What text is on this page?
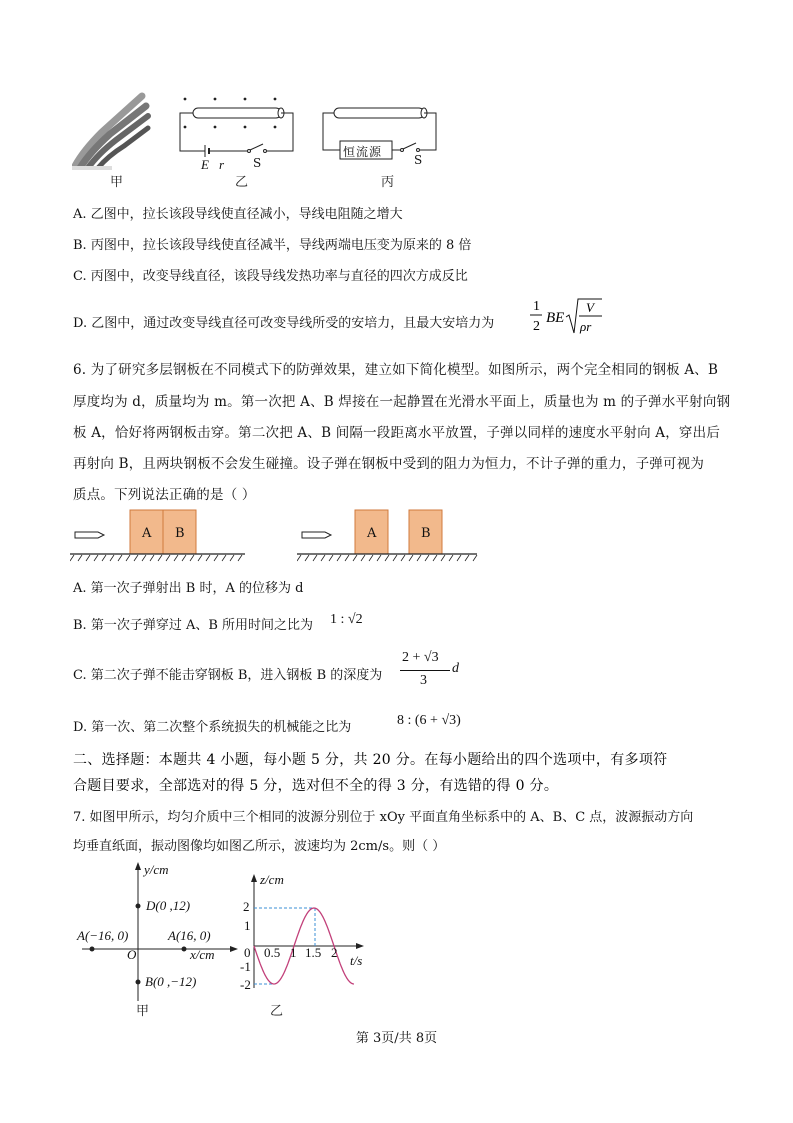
甲
E r S
乙
恒流源
S
丙
A. 乙图中，拉长该段导线使直径减小，导线电阻随之增大
B. 丙图中，拉长该段导线使直径减半，导线两端电压变为原来的 8 倍
C. 丙图中，改变导线直径，该段导线发热功率与直径的四次方成反比
D. 乙图中，通过改变导线直径可改变导线所受的安培力，且最大安培力为
1
2
BE
V
ρr
6. 为了研究多层钢板在不同模式下的防弹效果，建立如下简化模型。如图所示，两个完全相同的钢板 A、B
厚度均为 d，质量均为 m。第一次把 A、B 焊接在一起静置在光滑水平面上，质量也为 m 的子弹水平射向钢
板 A，恰好将两钢板击穿。第二次把 A、B 间隔一段距离水平放置，子弹以同样的速度水平射向 A，穿出后
再射向 B，且两块钢板不会发生碰撞。设子弹在钢板中受到的阻力为恒力，不计子弹的重力，子弹可视为
质点。下列说法正确的是（ ）
A B	A	B
A. 第一次子弹射出 B 时，A 的位移为 d
B. 第一次子弹穿过 A、B 所用时间之比为 1 : √2
C. 第二次子弹不能击穿钢板 B，进入钢板 B 的深度为
2 + √3
3
d
D. 第一次、第二次整个系统损失的机械能之比为	8 : (6 + √3)
二、选择题：本题共 4 小题，每小题 5 分，共 20 分。在每小题给出的四个选项中，有多项符
合题目要求，全部选对的得 5 分，选对但不全的得 3 分，有选错的得 0 分。
7. 如图甲所示，均匀介质中三个相同的波源分别位于 xOy 平面直角坐标系中的 A、B、C 点，波源振动方向
均垂直纸面，振动图像均如图乙所示，波速均为 2cm/s。则（ ）
y/cm
D(0 ,12)
A(−16, 0)	A(16, 0)
O	x/cm
B(0 ,−12)
甲
z/cm
2
1
0 0.5 1 1.5 2
t/s
-1
-2
乙
第 3页/共 8页
